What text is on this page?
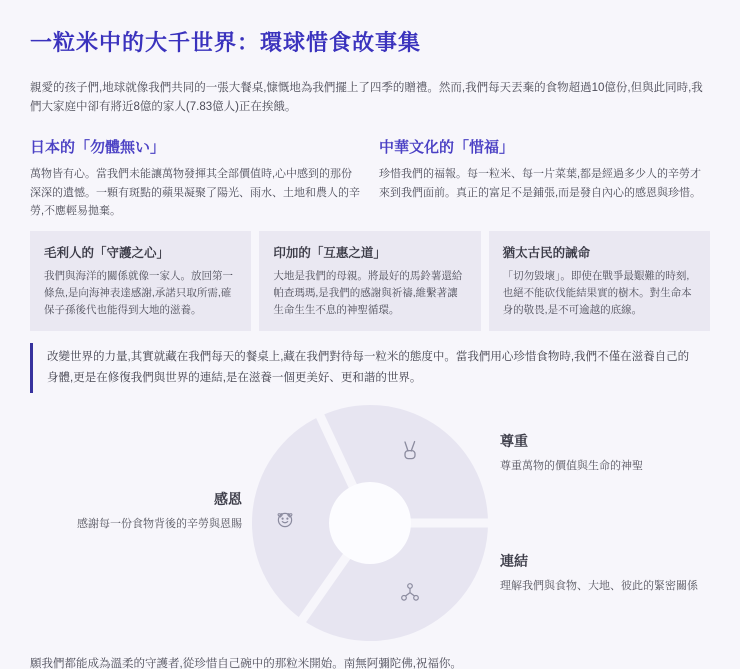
一粒米中的大千世界：環球惜食故事集

親愛的孩子們,地球就像我們共同的一張大餐桌,慷慨地為我們擺上了四季的贈禮。然而,我們每天丟棄的食物超過10億份,但與此同時,我們大家庭中卻有將近8億的家人(7.83億人)正在挨餓。

日本的「勿體無い」

萬物皆有心。當我們未能讓萬物發揮其全部價值時,心中感到的那份深深的遺憾。一顆有斑點的蘋果凝聚了陽光、雨水、土地和農人的辛勞,不應輕易拋棄。

中華文化的「惜福」

珍惜我們的福報。每一粒米、每一片菜葉,都是經過多少人的辛勞才來到我們面前。真正的富足不是鋪張,而是發自內心的感恩與珍惜。

毛利人的「守護之心」

我們與海洋的關係就像一家人。放回第一條魚,是向海神表達感謝,承諾只取所需,確保子孫後代也能得到大地的滋養。

印加的「互惠之道」

大地是我們的母親。將最好的馬鈴薯還給帕查瑪瑪,是我們的感謝與祈禱,維繫著讓生命生生不息的神聖循環。

猶太古民的誡命

「切勿毀壞」。即使在戰爭最艱難的時刻,也絕不能砍伐能結果實的樹木。對生命本身的敬畏,是不可逾越的底線。

改變世界的力量,其實就藏在我們每天的餐桌上,藏在我們對待每一粒米的態度中。當我們用心珍惜食物時,我們不僅在滋養自己的身體,更是在修復我們與世界的連結,是在滋養一個更美好、更和諧的世界。
尊重
尊重萬物的價值與生命的神聖
感恩
感謝每一份食物背後的辛勞與恩賜
連結
理解我們與食物、大地、彼此的緊密關係

願我們都能成為溫柔的守護者,從珍惜自己碗中的那粒米開始。南無阿彌陀佛,祝福你。
